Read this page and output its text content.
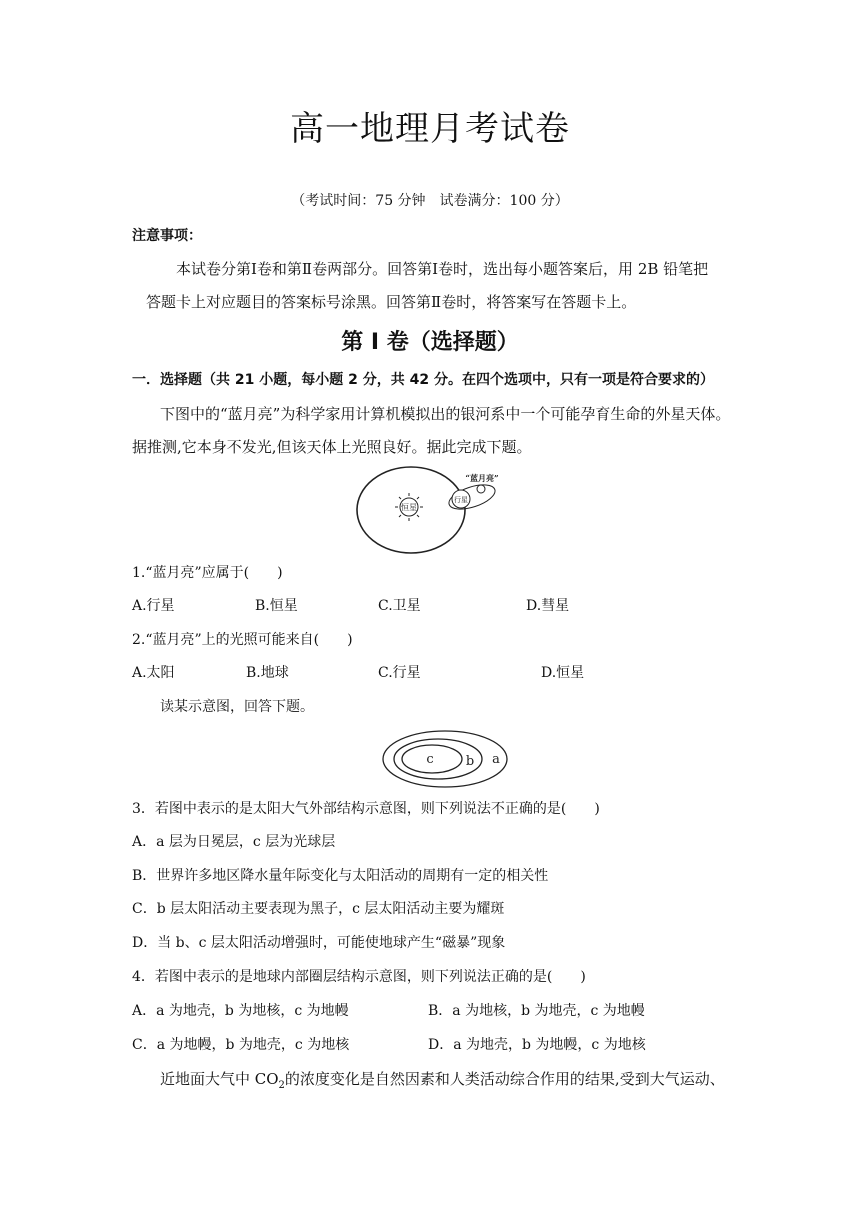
高一地理月考试卷
（考试时间：75 分钟　试卷满分：100 分）
注意事项：
本试卷分第Ⅰ卷和第Ⅱ卷两部分。回答第Ⅰ卷时，选出每小题答案后，用 2B 铅笔把
答题卡上对应题目的答案标号涂黑。回答第Ⅱ卷时，将答案写在答题卡上。
第 I 卷（选择题）
一．选择题（共 21 小题，每小题 2 分，共 42 分。在四个选项中，只有一项是符合要求的）
下图中的“蓝月亮”为科学家用计算机模拟出的银河系中一个可能孕育生命的外星天体。
据推测,它本身不发光,但该天体上光照良好。据此完成下题。
恒星
行星
“蓝月亮”
1.“蓝月亮”应属于(　　)
A.行星	B.恒星	C.卫星	D.彗星
2.“蓝月亮”上的光照可能来自(　　)
A.太阳	B.地球	C.行星	D.恒星
读某示意图，回答下题。
c b a
3．若图中表示的是太阳大气外部结构示意图，则下列说法不正确的是(　　)
A．a 层为日冕层，c 层为光球层
B．世界许多地区降水量年际变化与太阳活动的周期有一定的相关性
C．b 层太阳活动主要表现为黑子，c 层太阳活动主要为耀斑
D．当 b、c 层太阳活动增强时，可能使地球产生“磁暴”现象
4．若图中表示的是地球内部圈层结构示意图，则下列说法正确的是(　　)
A．a 为地壳，b 为地核，c 为地幔	B．a 为地核，b 为地壳，c 为地幔
C．a 为地幔，b 为地壳，c 为地核	D．a 为地壳，b 为地幔，c 为地核
近地面大气中 $CO_2$的浓度变化是自然因素和人类活动综合作用的结果,受到大气运动、
